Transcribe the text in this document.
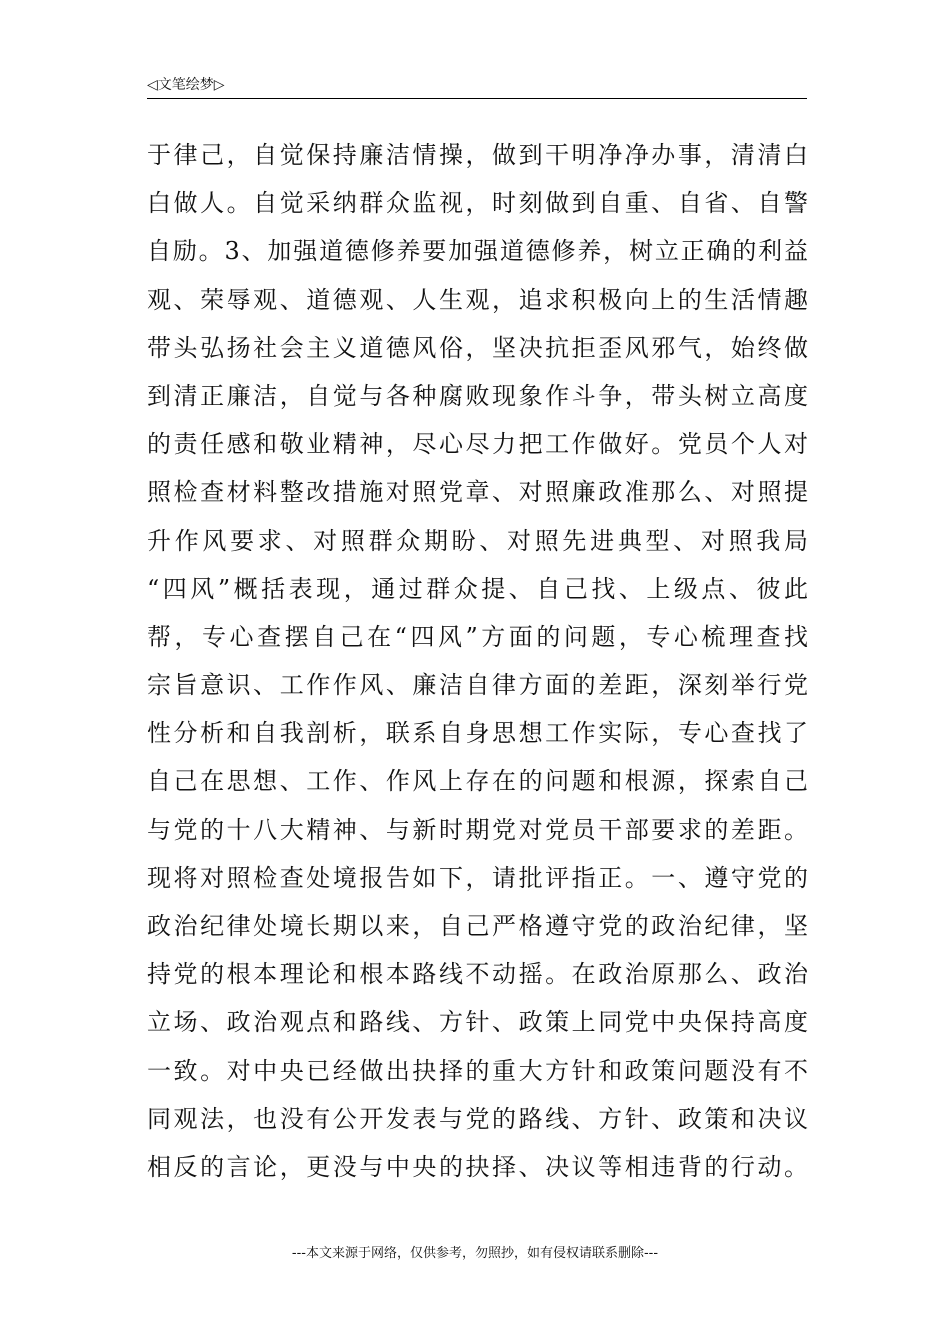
◁文笔绘梦▷
于律己，自觉保持廉洁情操，做到干明净净办事，清清白
白做人。自觉采纳群众监视，时刻做到自重、自省、自警
自励。3、加强道德修养要加强道德修养，树立正确的利益
观、荣辱观、道德观、人生观，追求积极向上的生活情趣
带头弘扬社会主义道德风俗，坚决抗拒歪风邪气，始终做
到清正廉洁，自觉与各种腐败现象作斗争，带头树立高度
的责任感和敬业精神，尽心尽力把工作做好。党员个人对
照检查材料整改措施对照党章、对照廉政准那么、对照提
升作风要求、对照群众期盼、对照先进典型、对照我局
“四风”概括表现，通过群众提、自己找、上级点、彼此
帮，专心查摆自己在“四风”方面的问题，专心梳理查找
宗旨意识、工作作风、廉洁自律方面的差距，深刻举行党
性分析和自我剖析，联系自身思想工作实际，专心查找了
自己在思想、工作、作风上存在的问题和根源，探索自己
与党的十八大精神、与新时期党对党员干部要求的差距。
现将对照检查处境报告如下，请批评指正。一、遵守党的
政治纪律处境长期以来，自己严格遵守党的政治纪律，坚
持党的根本理论和根本路线不动摇。在政治原那么、政治
立场、政治观点和路线、方针、政策上同党中央保持高度
一致。对中央已经做出抉择的重大方针和政策问题没有不
同观法，也没有公开发表与党的路线、方针、政策和决议
相反的言论，更没与中央的抉择、决议等相违背的行动。
---本文来源于网络，仅供参考，勿照抄，如有侵权请联系删除---
